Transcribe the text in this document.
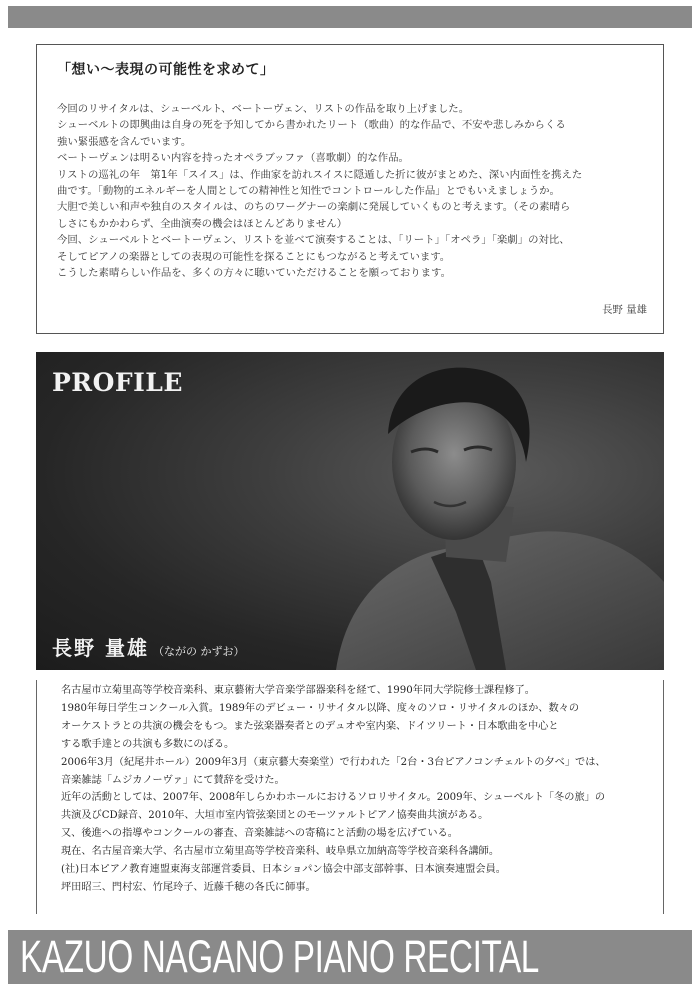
「想い～表現の可能性を求めて」

今回のリサイタルは、シューベルト、ベートーヴェン、リストの作品を取り上げました。

シューベルトの即興曲は自身の死を予知してから書かれたリート（歌曲）的な作品で、不安や悲しみからくる

強い緊張感を含んでいます。

ベートーヴェンは明るい内容を持ったオペラブッファ（喜歌劇）的な作品。

リストの巡礼の年　第1年「スイス」は、作曲家を訪れスイスに隠遁した折に彼がまとめた、深い内面性を携えた

曲です。「動物的エネルギーを人間としての精神性と知性でコントロールした作品」とでもいえましょうか。

大胆で美しい和声や独自のスタイルは、のちのワーグナーの楽劇に発展していくものと考えます。（その素晴ら

しさにもかかわらず、全曲演奏の機会はほとんどありません）

今回、シューベルトとベートーヴェン、リストを並べて演奏することは、「リート」「オペラ」「楽劇」の対比、

そしてピアノの楽器としての表現の可能性を探ることにもつながると考えています。

こうした素晴らしい作品を、多くの方々に聴いていただけることを願っております。

長野 量雄
PROFILE
長野 量雄 （ながの かずお）

名古屋市立菊里高等学校音楽科、東京藝術大学音楽学部器楽科を経て、1990年同大学院修士課程修了。

1980年毎日学生コンクール入賞。1989年のデビュー・リサイタル以降、度々のソロ・リサイタルのほか、数々の

オーケストラとの共演の機会をもつ。また弦楽器奏者とのデュオや室内楽、ドイツリート・日本歌曲を中心と

する歌手達との共演も多数にのぼる。

2006年3月（紀尾井ホール）2009年3月（東京藝大奏楽堂）で行われた「2台・3台ピアノコンチェルトの夕べ」では、

音楽雑誌「ムジカノーヴァ」にて賛辞を受けた。

近年の活動としては、2007年、2008年しらかわホールにおけるソロリサイタル。2009年、シューベルト「冬の旅」の

共演及びCD録音、2010年、大垣市室内管弦楽団とのモーツァルトピアノ協奏曲共演がある。

又、後進への指導やコンクールの審査、音楽雑誌への寄稿にと活動の場を広げている。

現在、名古屋音楽大学、名古屋市立菊里高等学校音楽科、岐阜県立加納高等学校音楽科各講師。

(社)日本ピアノ教育連盟東海支部運営委員、日本ショパン協会中部支部幹事、日本演奏連盟会員。

坪田昭三、門村宏、竹尾玲子、近藤千穂の各氏に師事。

KAZUO NAGANO PIANO RECITAL
